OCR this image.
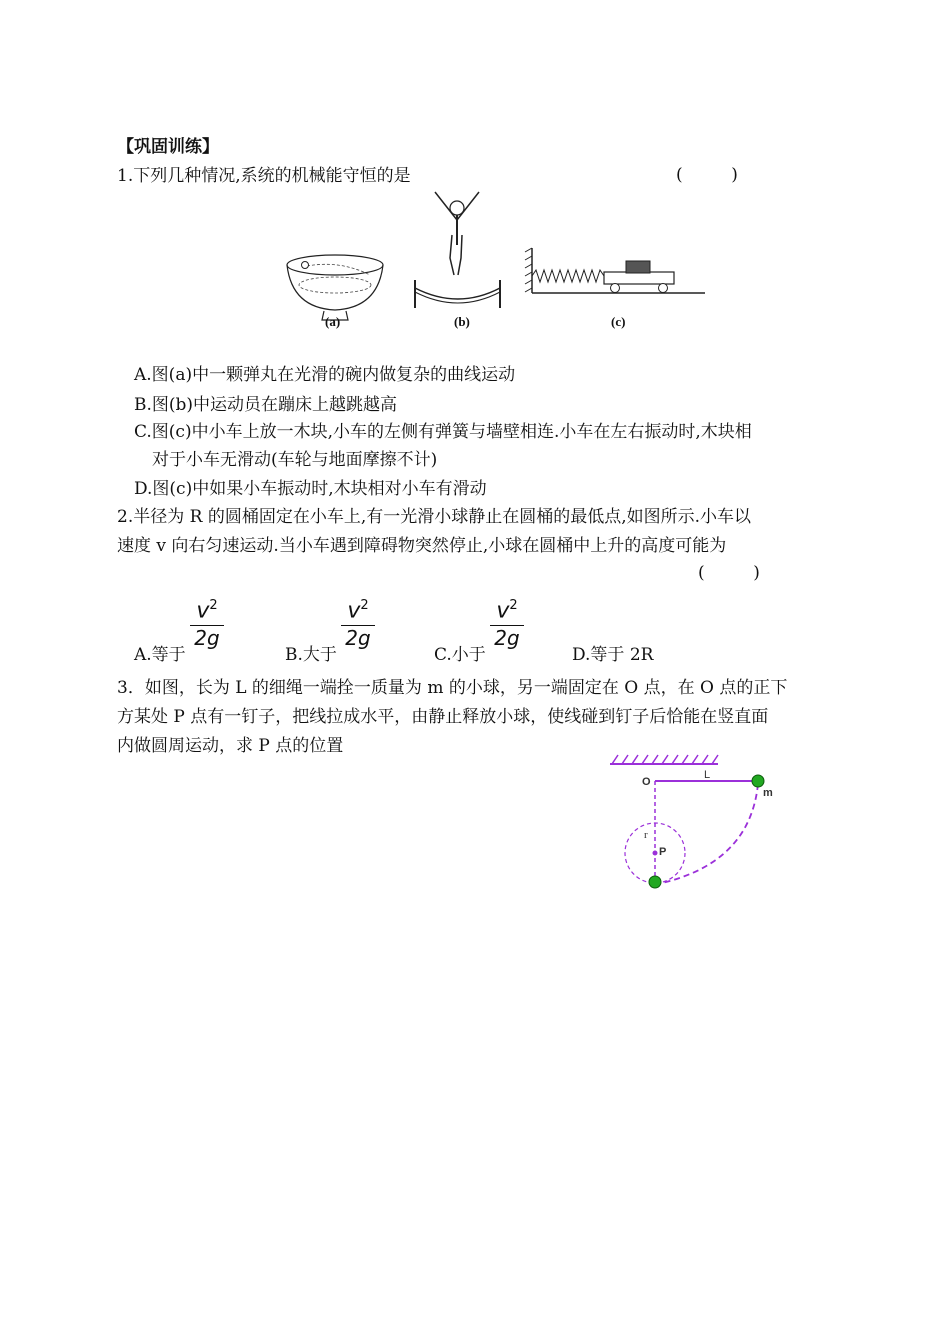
【巩固训练】
1.下列几种情况,系统的机械能守恒的是	(         )
(a)	(b)	(c)
A.图(a)中一颗弹丸在光滑的碗内做复杂的曲线运动
B.图(b)中运动员在蹦床上越跳越高
C.图(c)中小车上放一木块,小车的左侧有弹簧与墙壁相连.小车在左右振动时,木块相
对于小车无滑动(车轮与地面摩擦不计)
D.图(c)中如果小车振动时,木块相对小车有滑动
2.半径为 R 的圆桶固定在小车上,有一光滑小球静止在圆桶的最低点,如图所示.小车以
速度 v 向右匀速运动.当小车遇到障碍物突然停止,小球在圆桶中上升的高度可能为
(         )
A.等于
$v^2$
2g
B.大于
$v^2$
2g
C.小于
$v^2$
2g
D.等于 2R
3．如图，长为 L 的细绳一端拴一质量为 m 的小球，另一端固定在 O 点，在 O 点的正下
方某处 P 点有一钉子，把线拉成水平，由静止释放小球，使线碰到钉子后恰能在竖直面
内做圆周运动，求 P 点的位置
O
L
m
r
P
